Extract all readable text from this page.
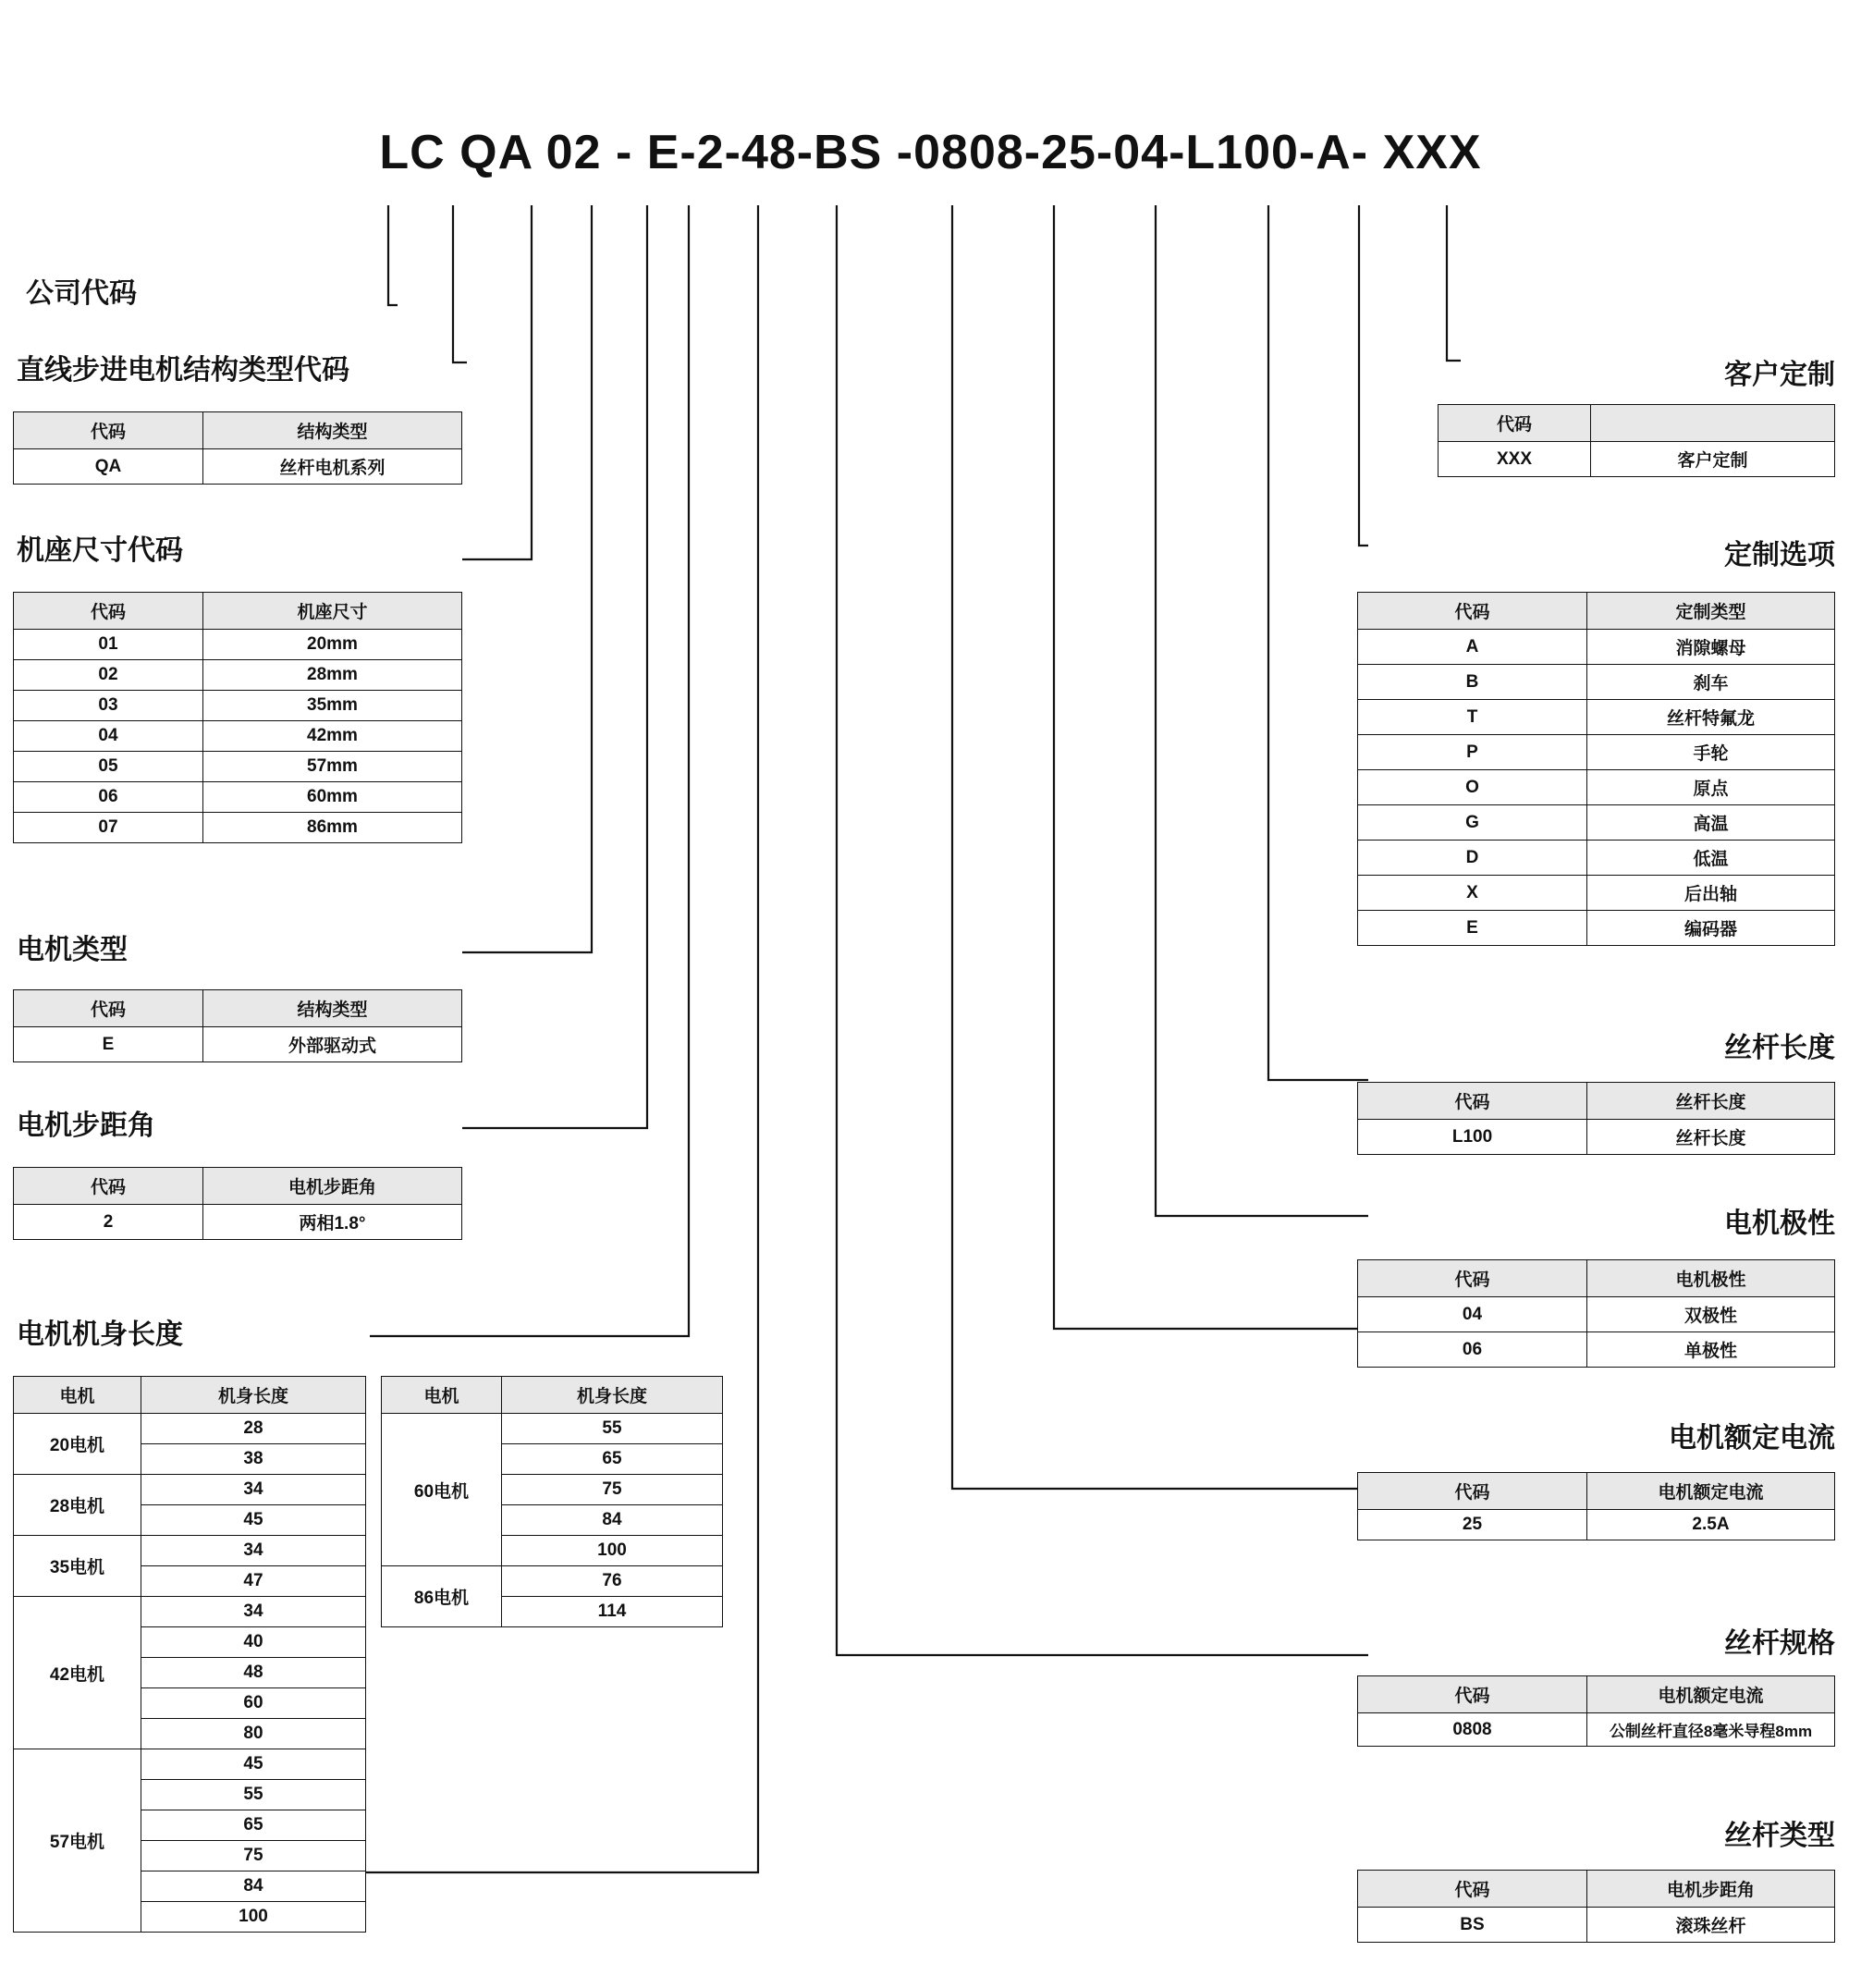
LC QA 02 - E-2-48-BS -0808-25-04-L100-A- XXX
公司代码
直线步进电机结构类型代码
代码	结构类型
QA	丝杆电机系列
机座尺寸代码
代码	机座尺寸
01	20mm
02	28mm
03	35mm
04	42mm
05	57mm
06	60mm
07	86mm
电机类型
代码	结构类型
E	外部驱动式
电机步距角
代码	电机步距角
2	两相1.8°
电机机身长度
电机	机身长度
20电机	28
	38
28电机	34
	45
35电机	34
	47
42电机	34
	40
	48
	60
	80
57电机	45
	55
	65
	75
	84
	100
电机	机身长度
60电机	55
	65
	75
	84
	100
86电机	76
	114
客户定制
代码	
XXX	客户定制
定制选项
代码	定制类型
A	消隙螺母
B	刹车
T	丝杆特氟龙
P	手轮
O	原点
G	高温
D	低温
X	后出轴
E	编码器
丝杆长度
代码	丝杆长度
L100	丝杆长度
电机极性
代码	电机极性
04	双极性
06	单极性
电机额定电流
代码	电机额定电流
25	2.5A
丝杆规格
代码	电机额定电流
0808	公制丝杆直径8毫米导程8mm
丝杆类型
代码	电机步距角
BS	滚珠丝杆
